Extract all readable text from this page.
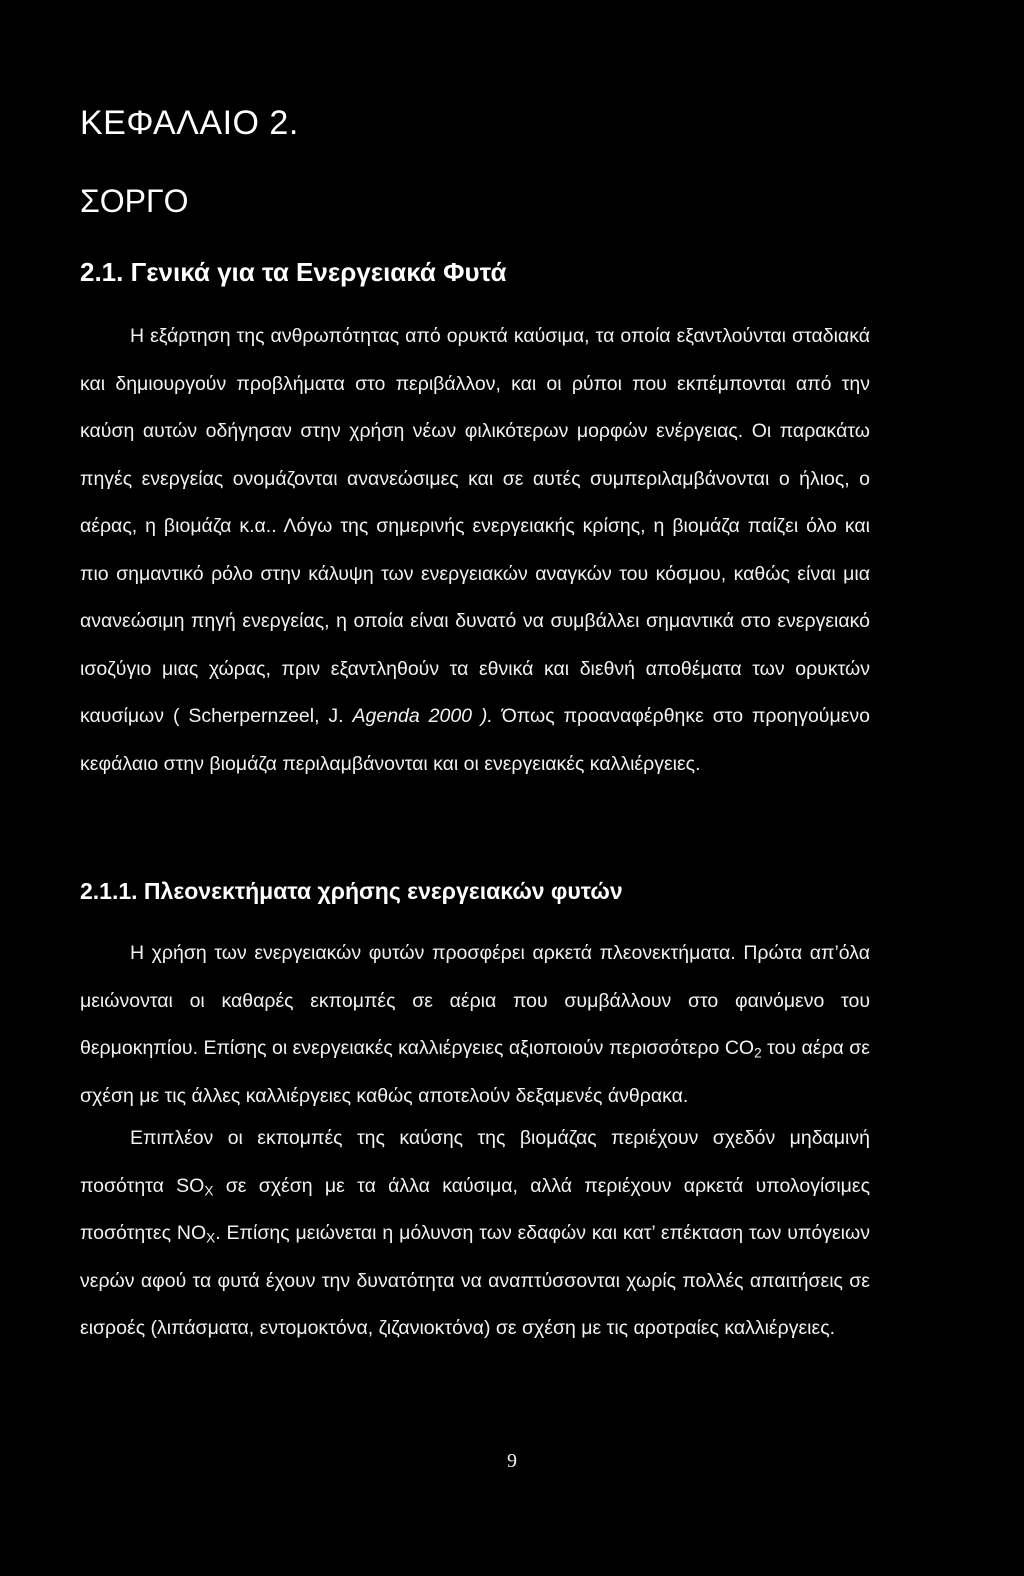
ΚΕΦΑΛΑΙΟ 2.
ΣΟΡΓΟ
2.1. Γενικά για τα Ενεργειακά Φυτά

Η εξάρτηση της ανθρωπότητας από ορυκτά καύσιμα, τα οποία εξαντλούνται σταδιακά και δημιουργούν προβλήματα στο περιβάλλον, και οι ρύποι που εκπέμπονται από την καύση αυτών οδήγησαν στην χρήση νέων φιλικότερων μορφών ενέργειας. Οι παρακάτω πηγές ενεργείας ονομάζονται ανανεώσιμες και σε αυτές συμπεριλαμβάνονται ο ήλιος, ο αέρας, η βιομάζα κ.α.. Λόγω της σημερινής ενεργειακής κρίσης, η βιομάζα παίζει όλο και πιο σημαντικό ρόλο στην κάλυψη των ενεργειακών αναγκών του κόσμου, καθώς είναι μια ανανεώσιμη πηγή ενεργείας, η οποία είναι δυνατό να συμβάλλει σημαντικά στο ενεργειακό ισοζύγιο μιας χώρας, πριν εξαντληθούν τα εθνικά και διεθνή αποθέματα των ορυκτών καυσίμων ( Scherpernzeel, J. Agenda 2000 ). Όπως προαναφέρθηκε στο προηγούμενο κεφάλαιο στην βιομάζα περιλαμβάνονται και οι ενεργειακές καλλιέργειες.

2.1.1. Πλεονεκτήματα χρήσης ενεργειακών φυτών

Η χρήση των ενεργειακών φυτών προσφέρει αρκετά πλεονεκτήματα. Πρώτα απ’όλα μειώνονται οι καθαρές εκπομπές σε αέρια που συμβάλλουν στο φαινόμενο του θερμοκηπίου. Επίσης οι ενεργειακές καλλιέργειες αξιοποιούν περισσότερο $CO_2$ του αέρα σε σχέση με τις άλλες καλλιέργειες καθώς αποτελούν δεξαμενές άνθρακα.

Επιπλέον οι εκπομπές της καύσης της βιομάζας περιέχουν σχεδόν μηδαμινή ποσότητα $SO_X$ σε σχέση με τα άλλα καύσιμα, αλλά περιέχουν αρκετά υπολογίσιμες ποσότητες $NO_X$. Επίσης μειώνεται η μόλυνση των εδαφών και κατ’ επέκταση των υπόγειων νερών αφού τα φυτά έχουν την δυνατότητα να αναπτύσσονται χωρίς πολλές απαιτήσεις σε εισροές (λιπάσματα, εντομοκτόνα, ζιζανιοκτόνα) σε σχέση με τις αροτραίες καλλιέργειες.

9
